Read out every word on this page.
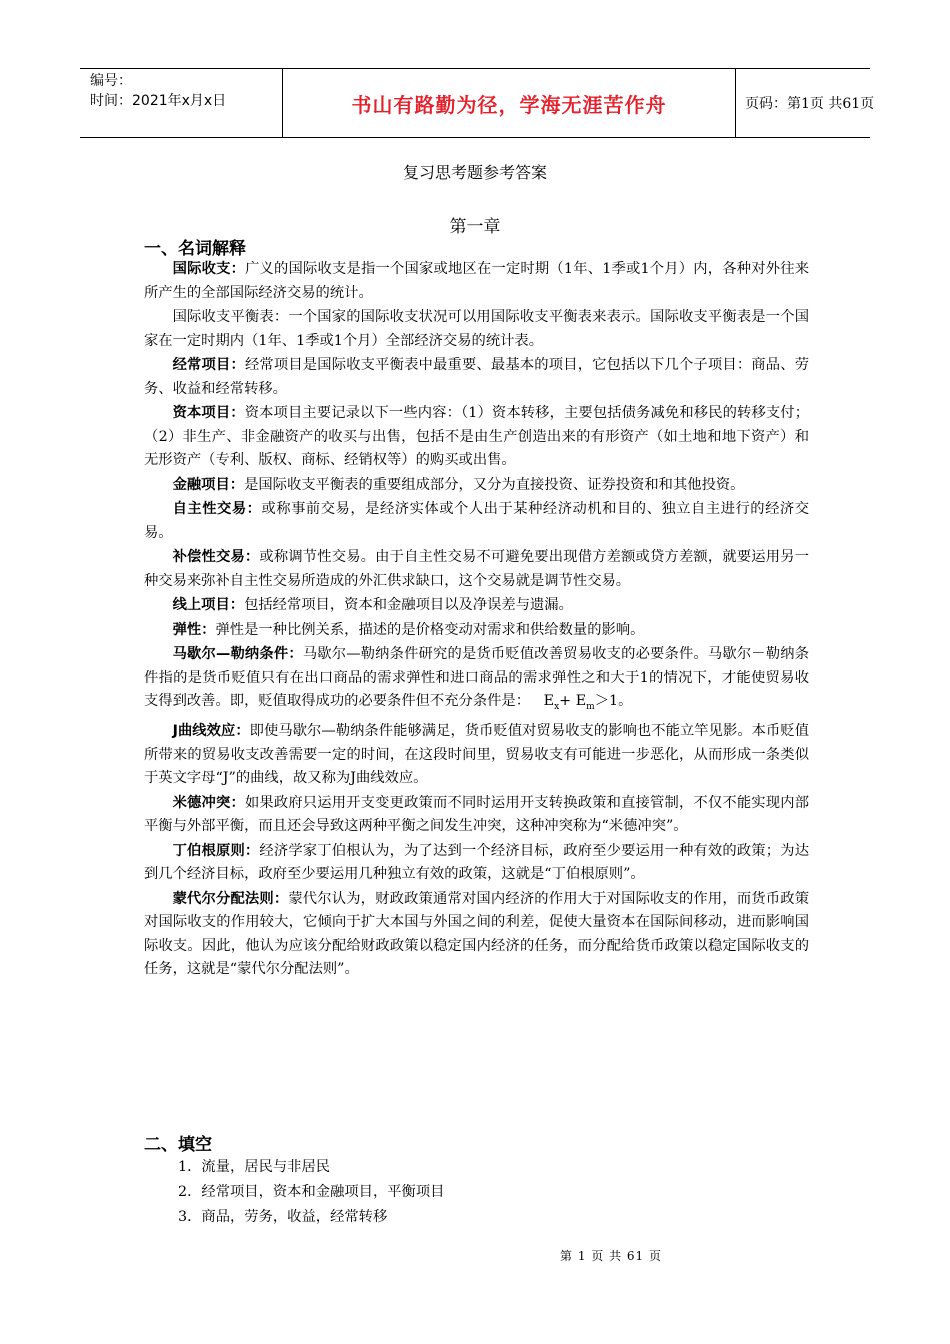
编号：
时间：2021年x月x日	书山有路勤为径，学海无涯苦作舟	页码：第1页 共61页
复习思考题参考答案
第一章
一、名词解释

国际收支：广义的国际收支是指一个国家或地区在一定时期（1年、1季或1个月）内，各种对外往来所产生的全部国际经济交易的统计。

国际收支平衡表：一个国家的国际收支状况可以用国际收支平衡表来表示。国际收支平衡表是一个国家在一定时期内（1年、1季或1个月）全部经济交易的统计表。

经常项目：经常项目是国际收支平衡表中最重要、最基本的项目，它包括以下几个子项目：商品、劳务、收益和经常转移。

资本项目：资本项目主要记录以下一些内容：（1）资本转移，主要包括债务减免和移民的转移支付；（2）非生产、非金融资产的收买与出售，包括不是由生产创造出来的有形资产（如土地和地下资产）和无形资产（专利、版权、商标、经销权等）的购买或出售。

金融项目：是国际收支平衡表的重要组成部分，又分为直接投资、证券投资和和其他投资。

自主性交易：或称事前交易，是经济实体或个人出于某种经济动机和目的、独立自主进行的经济交易。

补偿性交易：或称调节性交易。由于自主性交易不可避免要出现借方差额或贷方差额，就要运用另一种交易来弥补自主性交易所造成的外汇供求缺口，这个交易就是调节性交易。

线上项目：包括经常项目，资本和金融项目以及净误差与遗漏。

弹性：弹性是一种比例关系，描述的是价格变动对需求和供给数量的影响。

马歇尔—勒纳条件：马歇尔—勒纳条件研究的是货币贬值改善贸易收支的必要条件。马歇尔－勒纳条件指的是货币贬值只有在出口商品的需求弹性和进口商品的需求弹性之和大于1的情况下，才能使贸易收支得到改善。即，贬值取得成功的必要条件但不充分条件是： $E_x+ E_m>1$。

J曲线效应：即使马歇尔—勒纳条件能够满足，货币贬值对贸易收支的影响也不能立竿见影。本币贬值所带来的贸易收支改善需要一定的时间，在这段时间里，贸易收支有可能进一步恶化，从而形成一条类似于英文字母“J”的曲线，故又称为J曲线效应。

米德冲突：如果政府只运用开支变更政策而不同时运用开支转换政策和直接管制，不仅不能实现内部平衡与外部平衡，而且还会导致这两种平衡之间发生冲突，这种冲突称为“米德冲突”。

丁伯根原则：经济学家丁伯根认为，为了达到一个经济目标，政府至少要运用一种有效的政策；为达到几个经济目标，政府至少要运用几种独立有效的政策，这就是“丁伯根原则”。

蒙代尔分配法则：蒙代尔认为，财政政策通常对国内经济的作用大于对国际收支的作用，而货币政策对国际收支的作用较大，它倾向于扩大本国与外国之间的利差，促使大量资本在国际间移动，进而影响国际收支。因此，他认为应该分配给财政政策以稳定国内经济的任务，而分配给货币政策以稳定国际收支的任务，这就是“蒙代尔分配法则”。

二、填空
1．流量，居民与非居民
2．经常项目，资本和金融项目，平衡项目
3．商品，劳务，收益，经常转移
第 1 页 共 61 页
